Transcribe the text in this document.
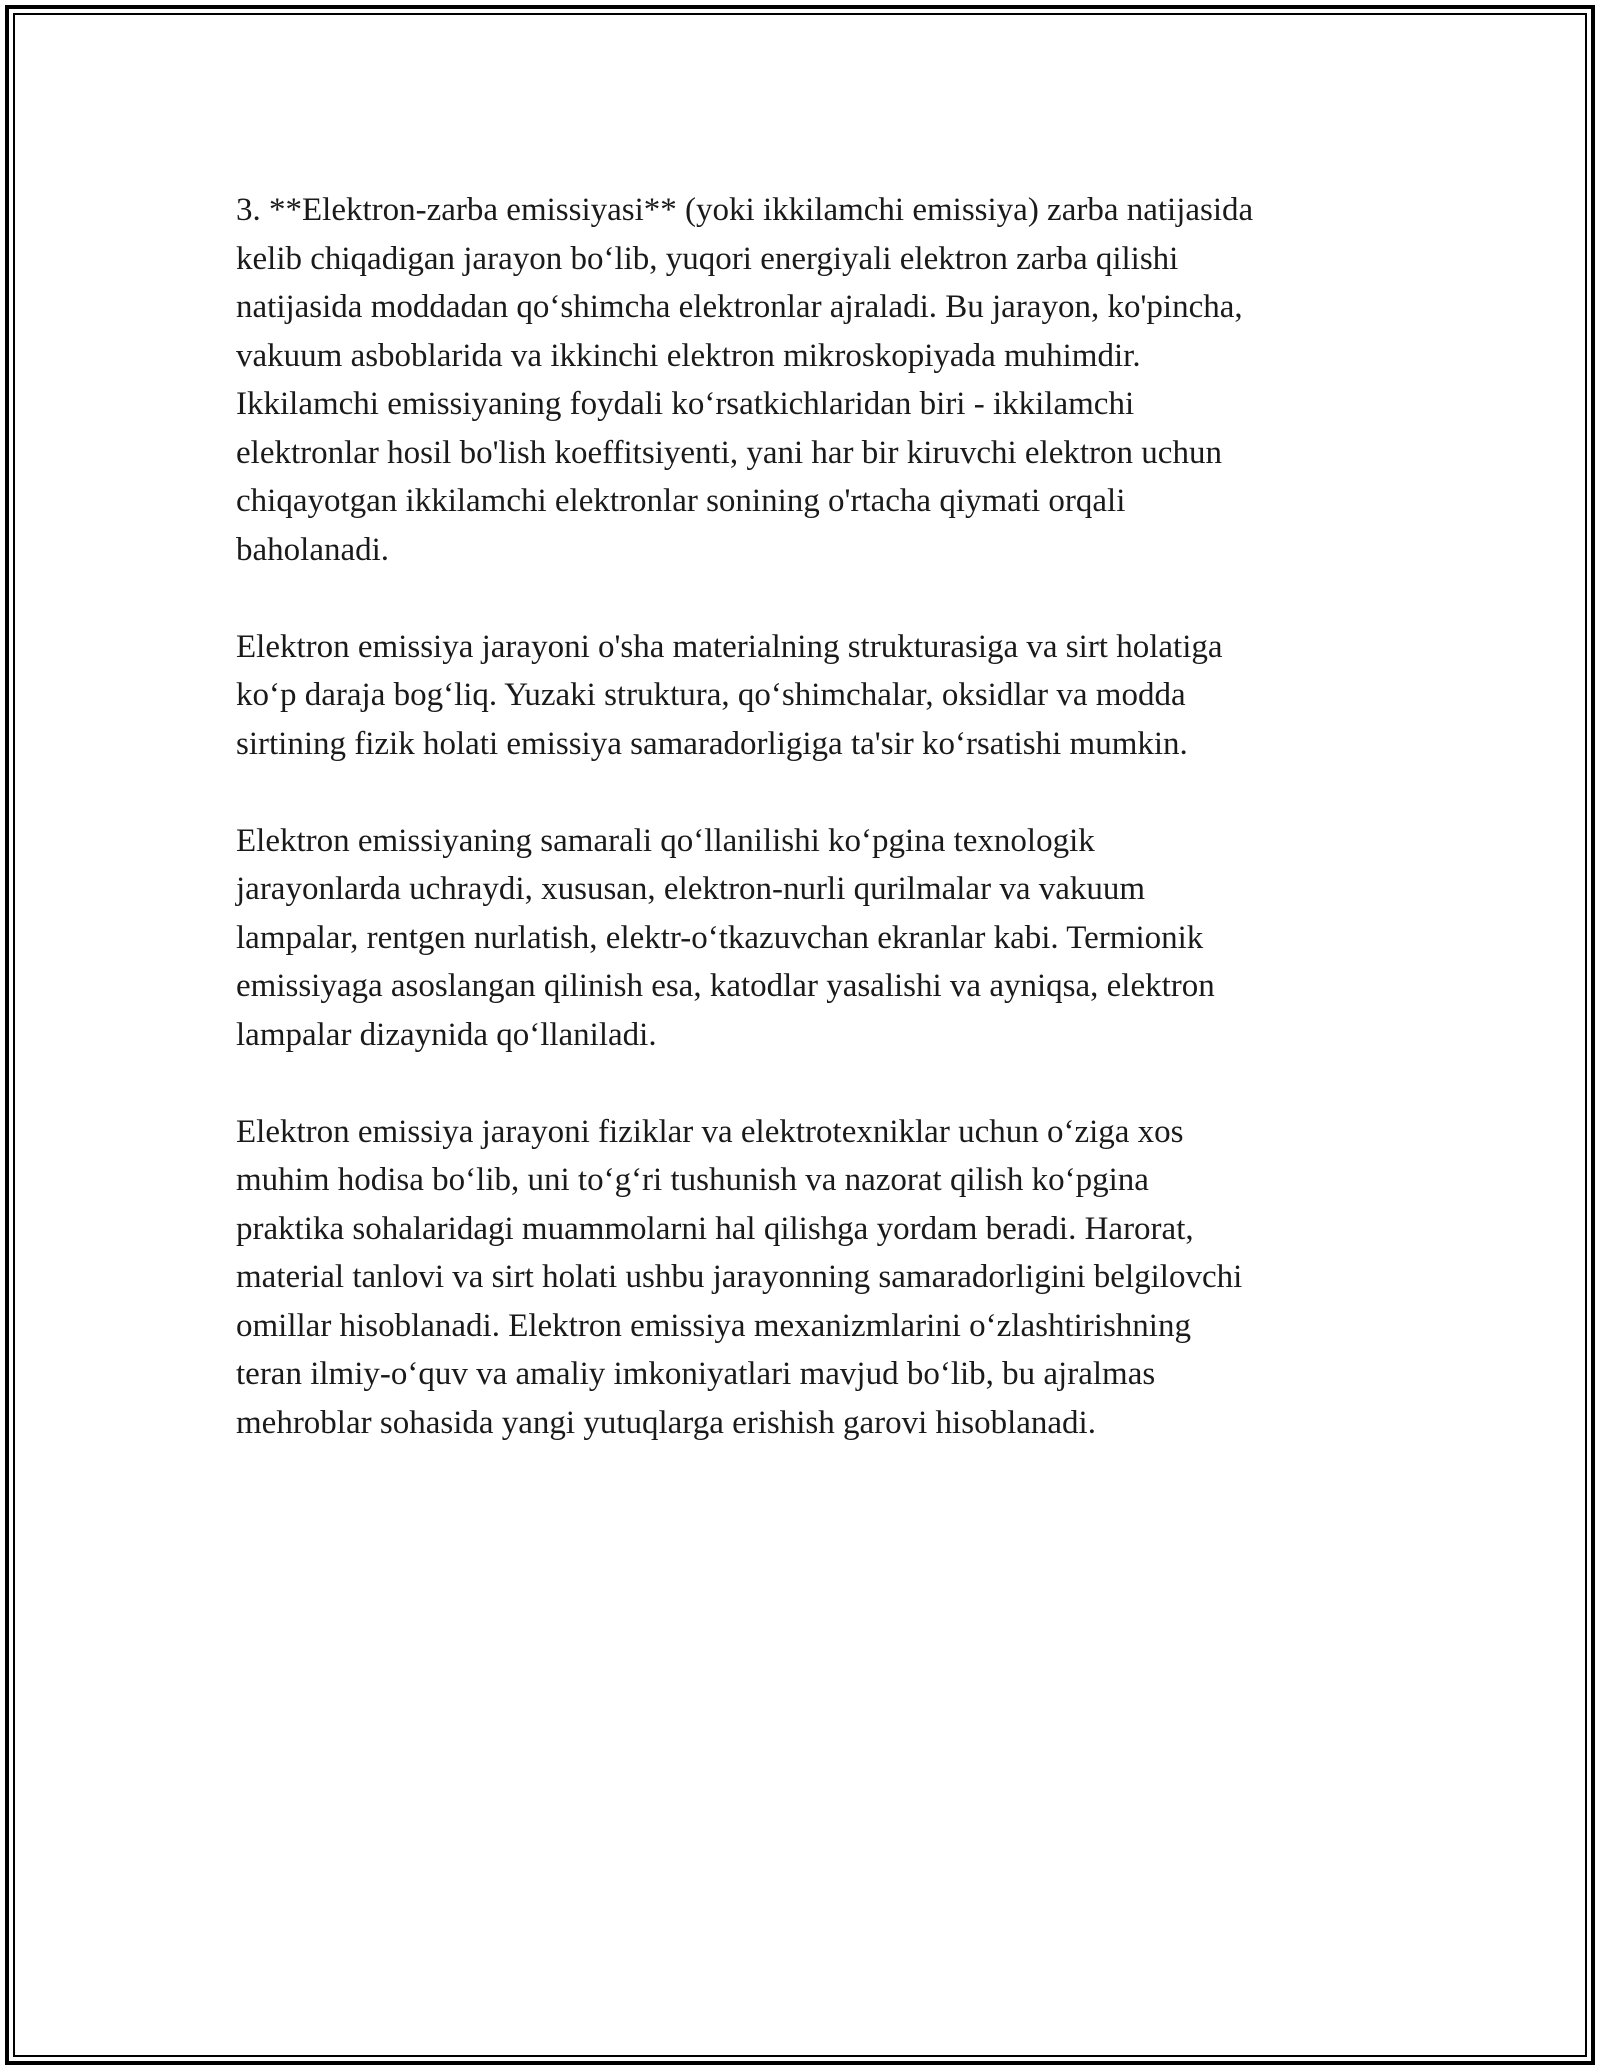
3. **Elektron-zarba emissiyasi** (yoki ikkilamchi emissiya) zarba natijasida
kelib chiqadigan jarayon bo‘lib, yuqori energiyali elektron zarba qilishi
natijasida moddadan qo‘shimcha elektronlar ajraladi. Bu jarayon, ko'pincha,
vakuum asboblarida va ikkinchi elektron mikroskopiyada muhimdir.
Ikkilamchi emissiyaning foydali ko‘rsatkichlaridan biri - ikkilamchi
elektronlar hosil bo'lish koeffitsiyenti, yani har bir kiruvchi elektron uchun
chiqayotgan ikkilamchi elektronlar sonining o'rtacha qiymati orqali
baholanadi.

Elektron emissiya jarayoni o'sha materialning strukturasiga va sirt holatiga
ko‘p daraja bog‘liq. Yuzaki struktura, qo‘shimchalar, oksidlar va modda
sirtining fizik holati emissiya samaradorligiga ta'sir ko‘rsatishi mumkin.

Elektron emissiyaning samarali qo‘llanilishi ko‘pgina texnologik
jarayonlarda uchraydi, xususan, elektron-nurli qurilmalar va vakuum
lampalar, rentgen nurlatish, elektr-o‘tkazuvchan ekranlar kabi. Termionik
emissiyaga asoslangan qilinish esa, katodlar yasalishi va ayniqsa, elektron
lampalar dizaynida qo‘llaniladi.

Elektron emissiya jarayoni fiziklar va elektrotexniklar uchun o‘ziga xos
muhim hodisa bo‘lib, uni to‘g‘ri tushunish va nazorat qilish ko‘pgina
praktika sohalaridagi muammolarni hal qilishga yordam beradi. Harorat,
material tanlovi va sirt holati ushbu jarayonning samaradorligini belgilovchi
omillar hisoblanadi. Elektron emissiya mexanizmlarini o‘zlashtirishning
teran ilmiy-o‘quv va amaliy imkoniyatlari mavjud bo‘lib, bu ajralmas
mehroblar sohasida yangi yutuqlarga erishish garovi hisoblanadi.
